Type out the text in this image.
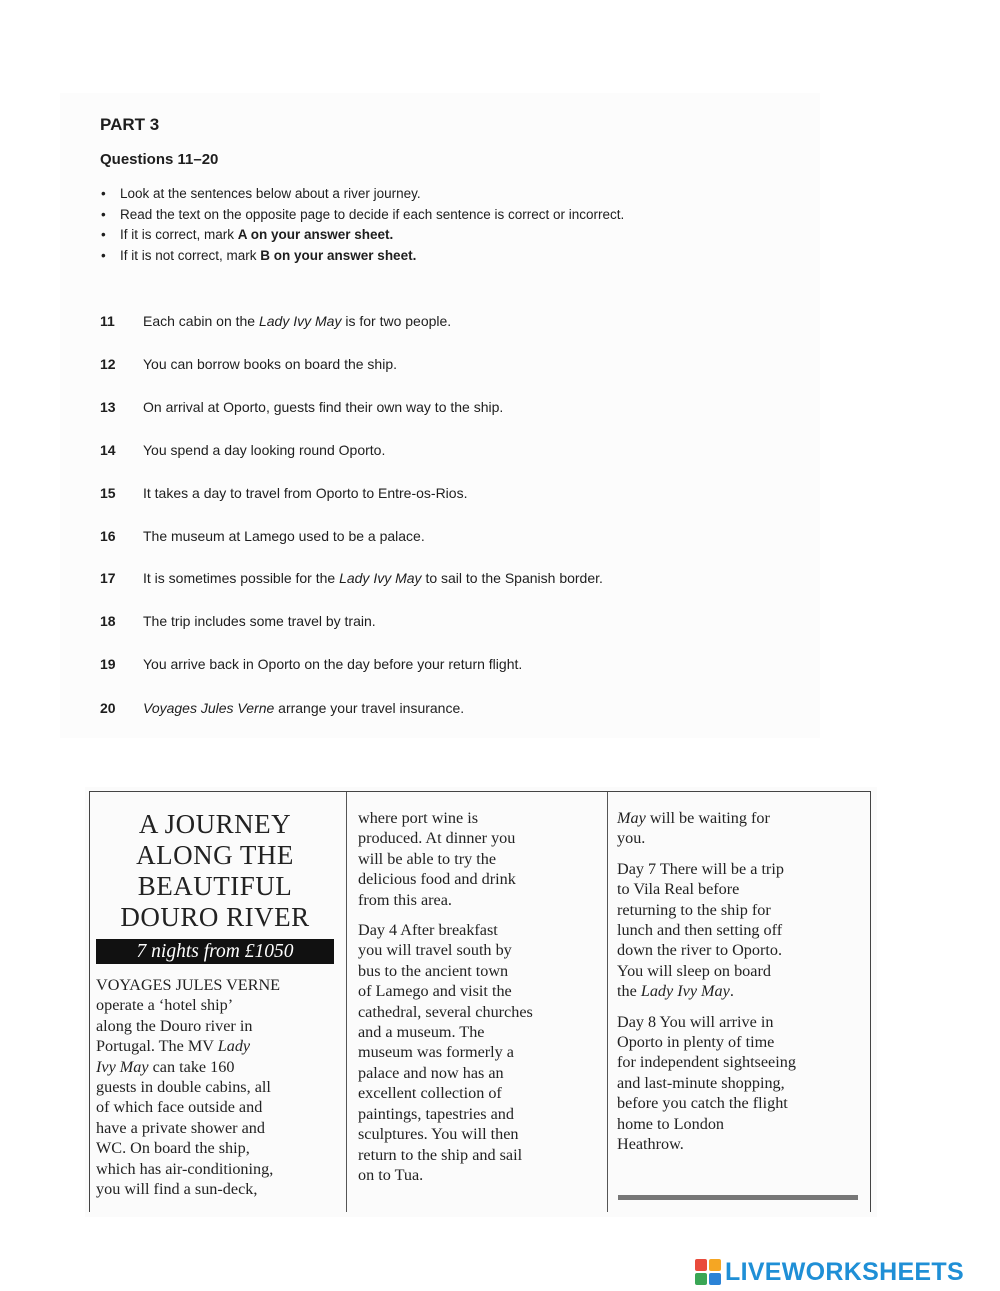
PART 3
Questions 11–20
• Look at the sentences below about a river journey.
• Read the text on the opposite page to decide if each sentence is correct or incorrect.
• If it is correct, mark A on your answer sheet.
• If it is not correct, mark B on your answer sheet.
11	Each cabin on the Lady Ivy May is for two people.
12	You can borrow books on board the ship.
13	On arrival at Oporto, guests find their own way to the ship.
14	You spend a day looking round Oporto.
15	It takes a day to travel from Oporto to Entre-os-Rios.
16	The museum at Lamego used to be a palace.
17	It is sometimes possible for the Lady Ivy May to sail to the Spanish border.
18	The trip includes some travel by train.
19	You arrive back in Oporto on the day before your return flight.
20	Voyages Jules Verne arrange your travel insurance.
A JOURNEY
ALONG THE
BEAUTIFUL
DOURO RIVER
7 nights from £1050

VOYAGES JULES VERNE

operate a ‘hotel ship’

along the Douro river in

Portugal. The MV Lady

Ivy May can take 160

guests in double cabins, all

of which face outside and

have a private shower and

WC. On board the ship,

which has air-conditioning,

you will find a sun-deck,

where port wine is

produced. At dinner you

will be able to try the

delicious food and drink

from this area.

Day 4 After breakfast

you will travel south by

bus to the ancient town

of Lamego and visit the

cathedral, several churches

and a museum. The

museum was formerly a

palace and now has an

excellent collection of

paintings, tapestries and

sculptures. You will then

return to the ship and sail

on to Tua.

May will be waiting for

you.

Day 7 There will be a trip

to Vila Real before

returning to the ship for

lunch and then setting off

down the river to Oporto.

You will sleep on board

the Lady Ivy May.

Day 8 You will arrive in

Oporto in plenty of time

for independent sightseeing

and last-minute shopping,

before you catch the flight

home to London

Heathrow.

LIVEWORKSHEETS
